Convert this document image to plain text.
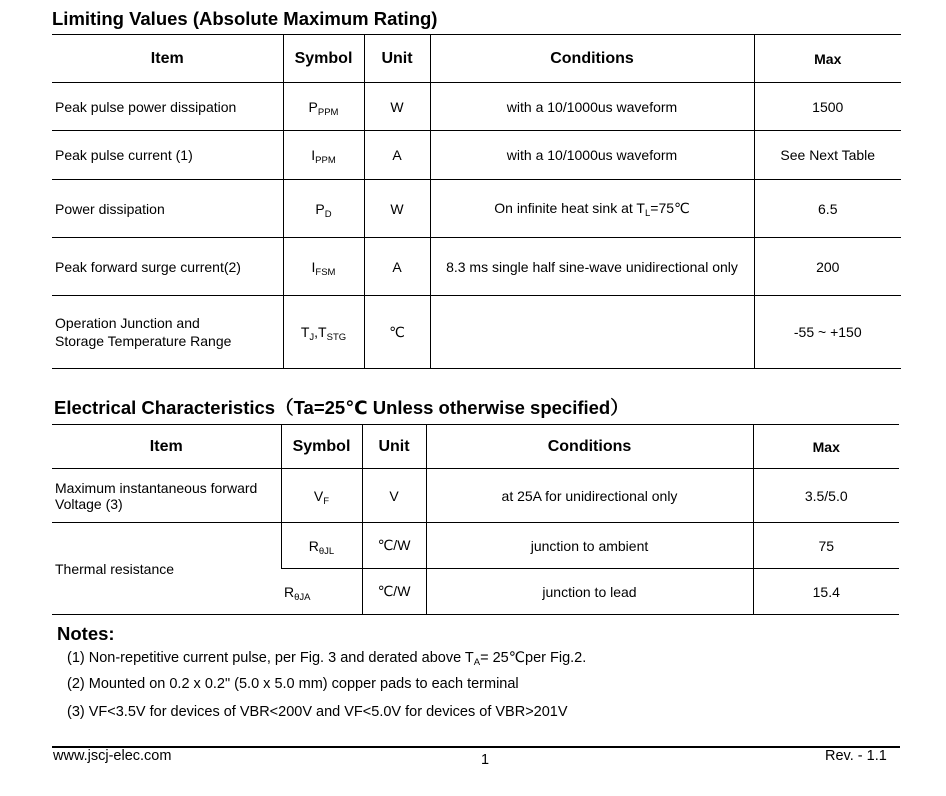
Limiting Values (Absolute Maximum Rating)
Item	Symbol	Unit	Conditions	Max
Peak pulse power dissipation	$P_{PPM}$	W	with a 10/1000us waveform	1500
Peak pulse current (1)	$I_{PPM}$	A	with a 10/1000us waveform	See Next Table
Power dissipation	$P_D$	W	On infinite heat sink at $T_L=75℃$	6.5
Peak forward surge current(2)	$I_{FSM}$	A	8.3 ms single half sine-wave unidirectional only	200

Operation Junction and
Storage Temperature Range	$T_J,T_{STG}$	℃		-55 ~ +150
Electrical Characteristics（Ta=25℃ Unless otherwise specified）
Item	Symbol	Unit	Conditions	Max

Maximum instantaneous forward
Voltage (3)	$V_F$	V	at 25A for unidirectional only	3.5/5.0
Thermal resistance	$R_{\theta JL}$	℃/W	junction to ambient	75
	$R_{\theta JA}$	℃/W	junction to lead	15.4
Notes:
(1) Non-repetitive current pulse, per Fig. 3 and derated above $T_A=$ 25℃per Fig.2.
(2) Mounted on 0.2 x 0.2" (5.0 x 5.0 mm) copper pads to each terminal
(3) VF<3.5V for devices of VBR<200V and VF<5.0V for devices of VBR>201V
www.jscj-elec.com	1	Rev. - 1.1
